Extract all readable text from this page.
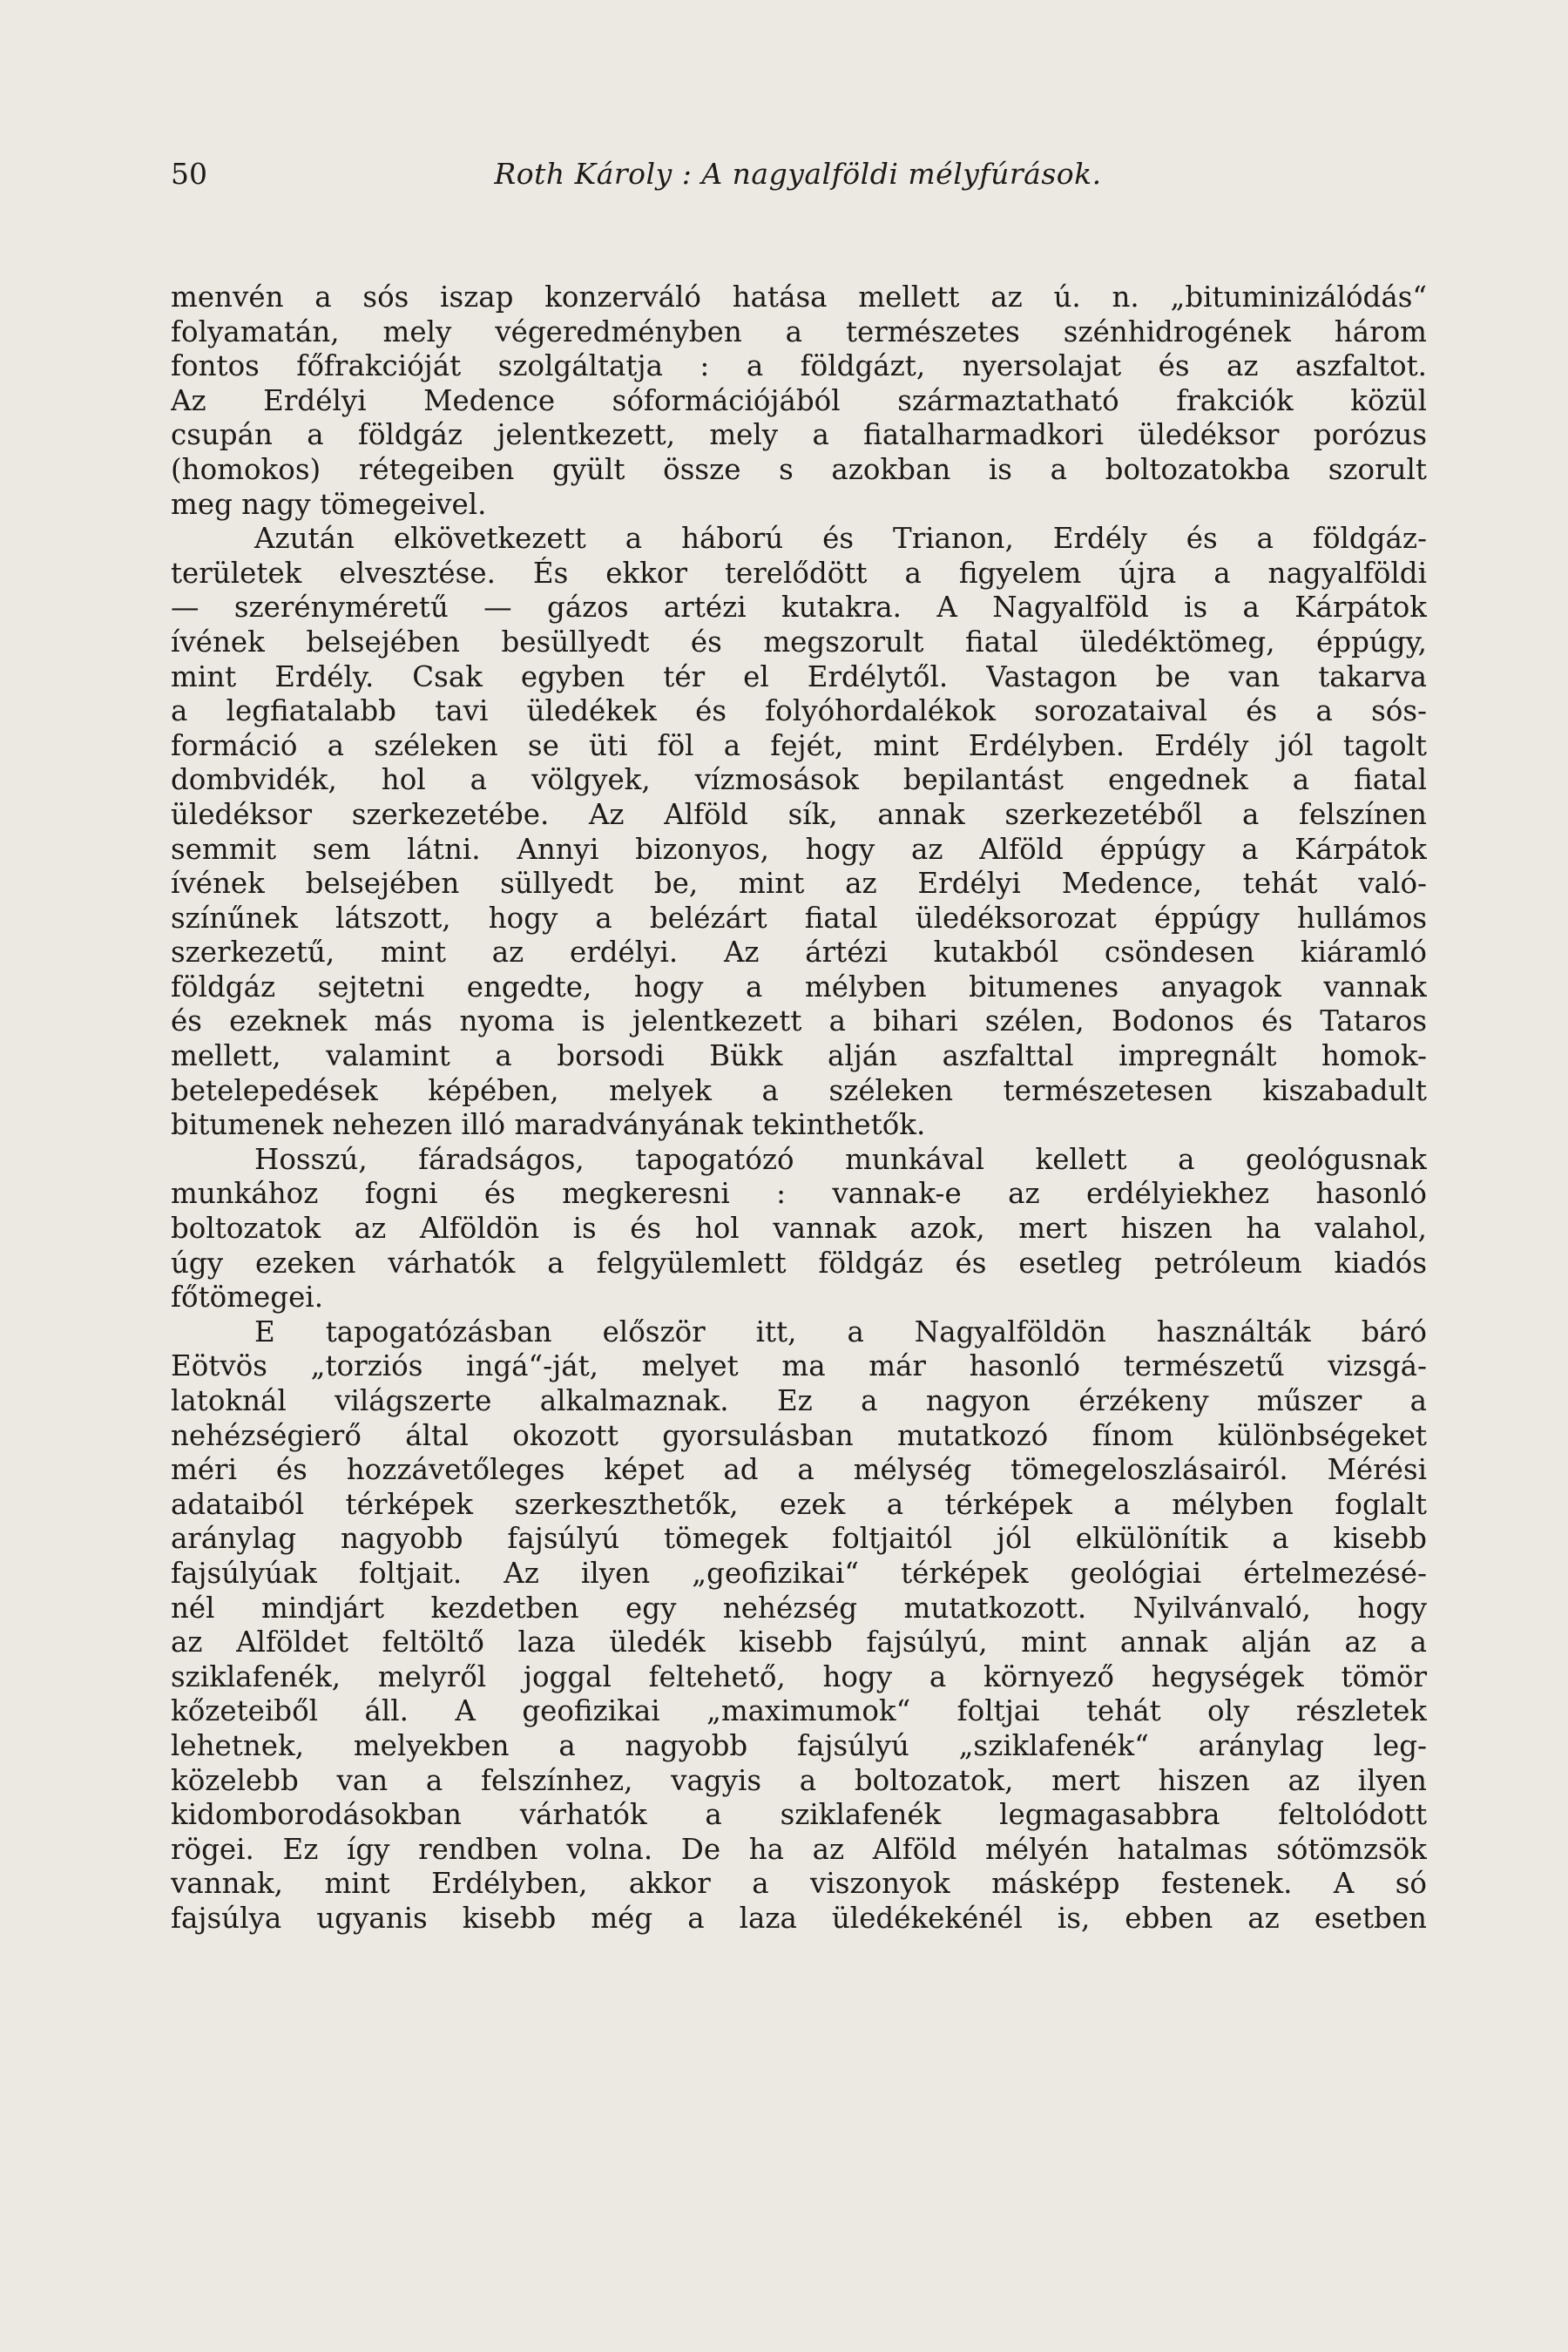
50	Roth Károly : A nagyalföldi mélyfúrások.
menvén a sós iszap konzerváló hatása mellett az ú. n. „bituminizálódás“
folyamatán, mely végeredményben a természetes szénhidrogének három
fontos főfrakcióját szolgáltatja : a földgázt, nyersolajat és az aszfaltot.
Az Erdélyi Medence sóformációjából származtatható frakciók közül
csupán a földgáz jelentkezett, mely a fiatalharmadkori üledéksor porózus
(homokos) rétegeiben gyült össze s azokban is a boltozatokba szorult
meg nagy tömegeivel.
Azután elkövetkezett a háború és Trianon, Erdély és a földgáz-
területek elvesztése. És ekkor terelődött a figyelem újra a nagyalföldi
— szerényméretű — gázos artézi kutakra. A Nagyalföld is a Kárpátok
ívének belsejében besüllyedt és megszorult fiatal üledéktömeg, éppúgy,
mint Erdély. Csak egyben tér el Erdélytől. Vastagon be van takarva
a legfiatalabb tavi üledékek és folyóhordalékok sorozataival és a sós-
formáció a széleken se üti föl a fejét, mint Erdélyben. Erdély jól tagolt
dombvidék, hol a völgyek, vízmosások bepilantást engednek a fiatal
üledéksor szerkezetébe. Az Alföld sík, annak szerkezetéből a felszínen
semmit sem látni. Annyi bizonyos, hogy az Alföld éppúgy a Kárpátok
ívének belsejében süllyedt be, mint az Erdélyi Medence, tehát való-
színűnek látszott, hogy a belézárt fiatal üledéksorozat éppúgy hullámos
szerkezetű, mint az erdélyi. Az ártézi kutakból csöndesen kiáramló
földgáz sejtetni engedte, hogy a mélyben bitumenes anyagok vannak
és ezeknek más nyoma is jelentkezett a bihari szélen, Bodonos és Tataros
mellett, valamint a borsodi Bükk alján aszfalttal impregnált homok-
betelepedések képében, melyek a széleken természetesen kiszabadult
bitumenek nehezen illó maradványának tekinthetők.
Hosszú, fáradságos, tapogatózó munkával kellett a geológusnak
munkához fogni és megkeresni : vannak-e az erdélyiekhez hasonló
boltozatok az Alföldön is és hol vannak azok, mert hiszen ha valahol,
úgy ezeken várhatók a felgyülemlett földgáz és esetleg petróleum kiadós
főtömegei.
E tapogatózásban először itt, a Nagyalföldön használták báró
Eötvös „torziós ingá“-ját, melyet ma már hasonló természetű vizsgá-
latoknál világszerte alkalmaznak. Ez a nagyon érzékeny műszer a
nehézségierő által okozott gyorsulásban mutatkozó fínom különbségeket
méri és hozzávetőleges képet ad a mélység tömegeloszlásairól. Mérési
adataiból térképek szerkeszthetők, ezek a térképek a mélyben foglalt
aránylag nagyobb fajsúlyú tömegek foltjaitól jól elkülönítik a kisebb
fajsúlyúak foltjait. Az ilyen „geofizikai“ térképek geológiai értelmezésé-
nél mindjárt kezdetben egy nehézség mutatkozott. Nyilvánvaló, hogy
az Alföldet feltöltő laza üledék kisebb fajsúlyú, mint annak alján az a
sziklafenék, melyről joggal feltehető, hogy a környező hegységek tömör
kőzeteiből áll. A geofizikai „maximumok“ foltjai tehát oly részletek
lehetnek, melyekben a nagyobb fajsúlyú „sziklafenék“ aránylag leg-
közelebb van a felszínhez, vagyis a boltozatok, mert hiszen az ilyen
kidomborodásokban várhatók a sziklafenék legmagasabbra feltolódott
rögei. Ez így rendben volna. De ha az Alföld mélyén hatalmas sótömzsök
vannak, mint Erdélyben, akkor a viszonyok másképp festenek. A só
fajsúlya ugyanis kisebb még a laza üledékekénél is, ebben az esetben
